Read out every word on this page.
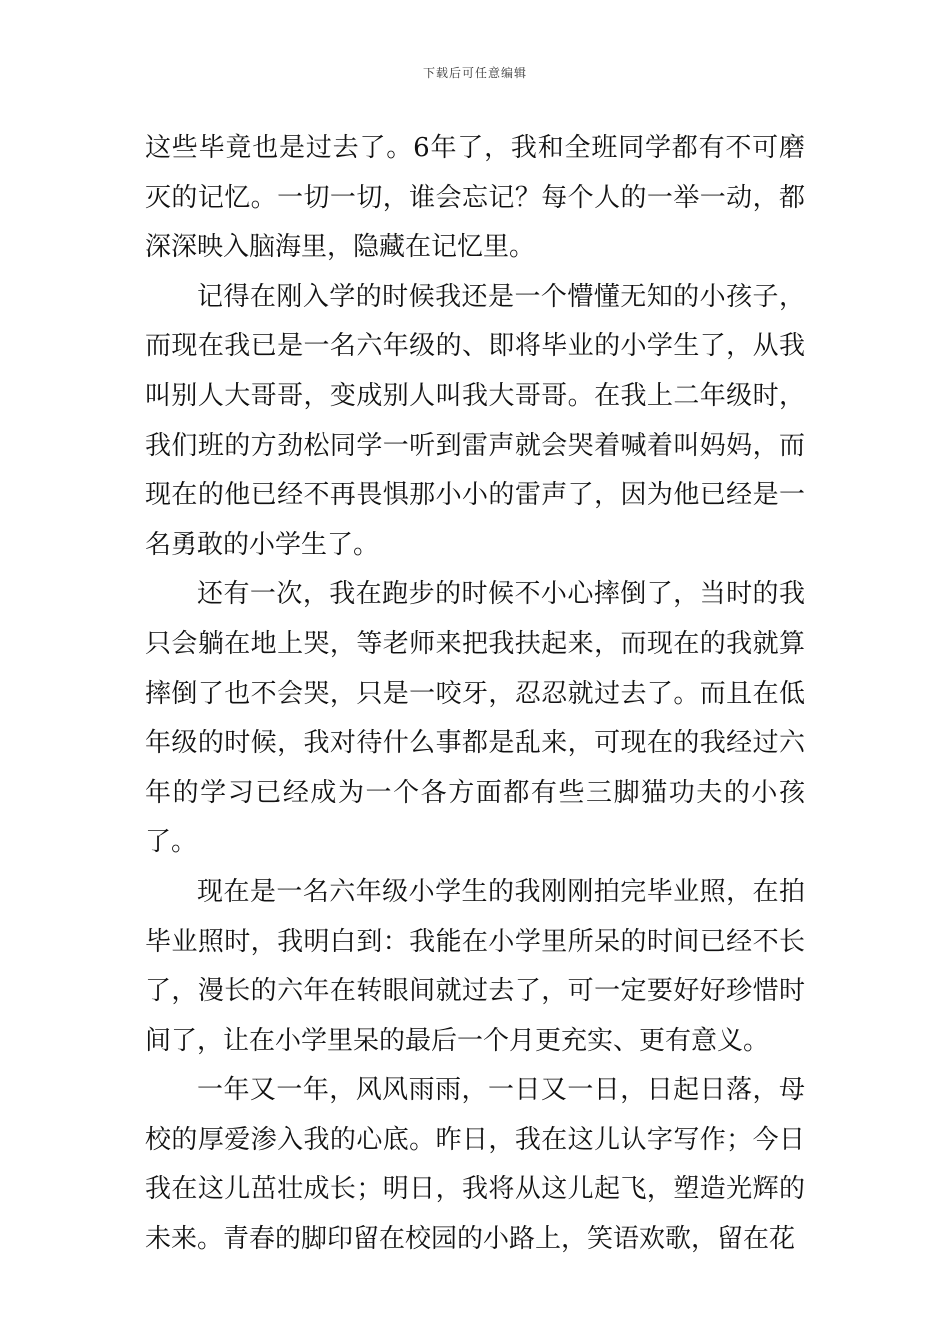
下载后可任意编辑

这些毕竟也是过去了。6年了，我和全班同学都有不可磨灭的记忆。一切一切，谁会忘记？每个人的一举一动，都深深映入脑海里，隐藏在记忆里。

记得在刚入学的时候我还是一个懵懂无知的小孩子，而现在我已是一名六年级的、即将毕业的小学生了，从我叫别人大哥哥，变成别人叫我大哥哥。在我上二年级时，我们班的方劲松同学一听到雷声就会哭着喊着叫妈妈，而现在的他已经不再畏惧那小小的雷声了，因为他已经是一名勇敢的小学生了。

还有一次，我在跑步的时候不小心摔倒了，当时的我只会躺在地上哭，等老师来把我扶起来，而现在的我就算摔倒了也不会哭，只是一咬牙，忍忍就过去了。而且在低年级的时候，我对待什么事都是乱来，可现在的我经过六年的学习已经成为一个各方面都有些三脚猫功夫的小孩了。

现在是一名六年级小学生的我刚刚拍完毕业照，在拍毕业照时，我明白到：我能在小学里所呆的时间已经不长了，漫长的六年在转眼间就过去了，可一定要好好珍惜时间了，让在小学里呆的最后一个月更充实、更有意义。

一年又一年，风风雨雨，一日又一日，日起日落，母校的厚爱渗入我的心底。昨日，我在这儿认字写作；今日我在这儿茁壮成长；明日，我将从这儿起飞，塑造光辉的未来。青春的脚印留在校园的小路上，笑语欢歌，留在花
